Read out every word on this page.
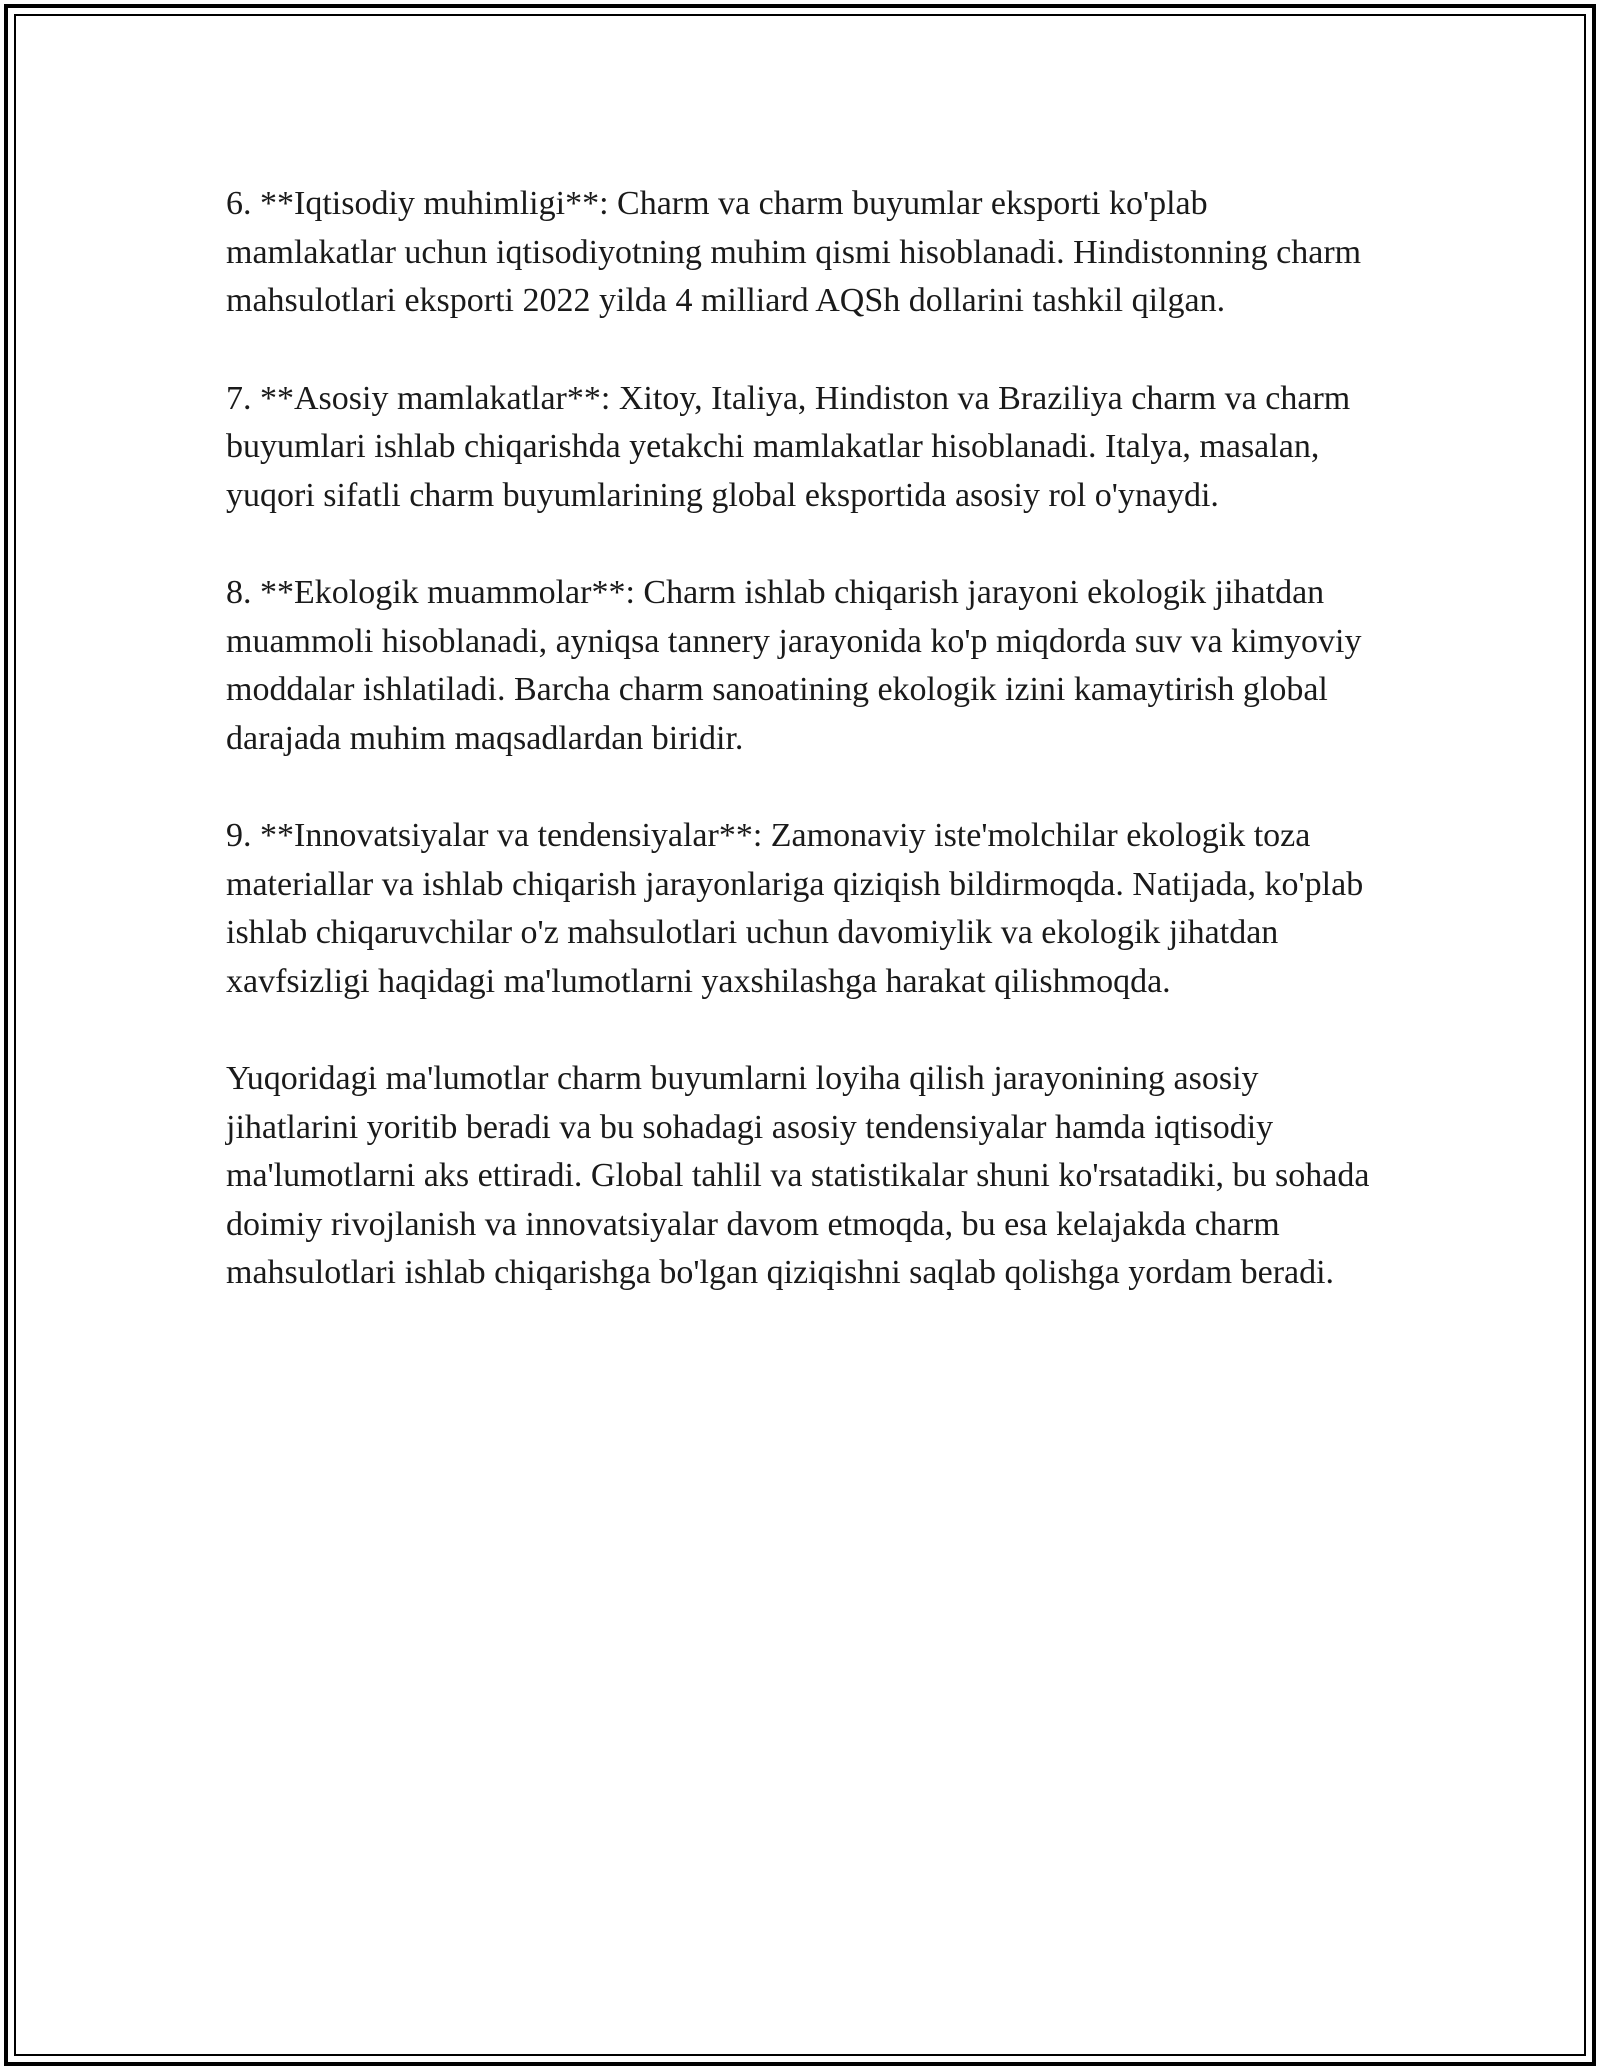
6. **Iqtisodiy muhimligi**: Charm va charm buyumlar eksporti ko'plab mamlakatlar uchun iqtisodiyotning muhim qismi hisoblanadi. Hindistonning charm mahsulotlari eksporti 2022 yilda 4 milliard AQSh dollarini tashkil qilgan.

7. **Asosiy mamlakatlar**: Xitoy, Italiya, Hindiston va Braziliya charm va charm buyumlari ishlab chiqarishda yetakchi mamlakatlar hisoblanadi. Italya, masalan, yuqori sifatli charm buyumlarining global eksportida asosiy rol o'ynaydi.

8. **Ekologik muammolar**: Charm ishlab chiqarish jarayoni ekologik jihatdan muammoli hisoblanadi, ayniqsa tannery jarayonida ko'p miqdorda suv va kimyoviy moddalar ishlatiladi. Barcha charm sanoatining ekologik izini kamaytirish global darajada muhim maqsadlardan biridir.

9. **Innovatsiyalar va tendensiyalar**: Zamonaviy iste'molchilar ekologik toza materiallar va ishlab chiqarish jarayonlariga qiziqish bildirmoqda. Natijada, ko'plab ishlab chiqaruvchilar o'z mahsulotlari uchun davomiylik va ekologik jihatdan xavfsizligi haqidagi ma'lumotlarni yaxshilashga harakat qilishmoqda.

Yuqoridagi ma'lumotlar charm buyumlarni loyiha qilish jarayonining asosiy jihatlarini yoritib beradi va bu sohadagi asosiy tendensiyalar hamda iqtisodiy ma'lumotlarni aks ettiradi. Global tahlil va statistikalar shuni ko'rsatadiki, bu sohada doimiy rivojlanish va innovatsiyalar davom etmoqda, bu esa kelajakda charm mahsulotlari ishlab chiqarishga bo'lgan qiziqishni saqlab qolishga yordam beradi.
